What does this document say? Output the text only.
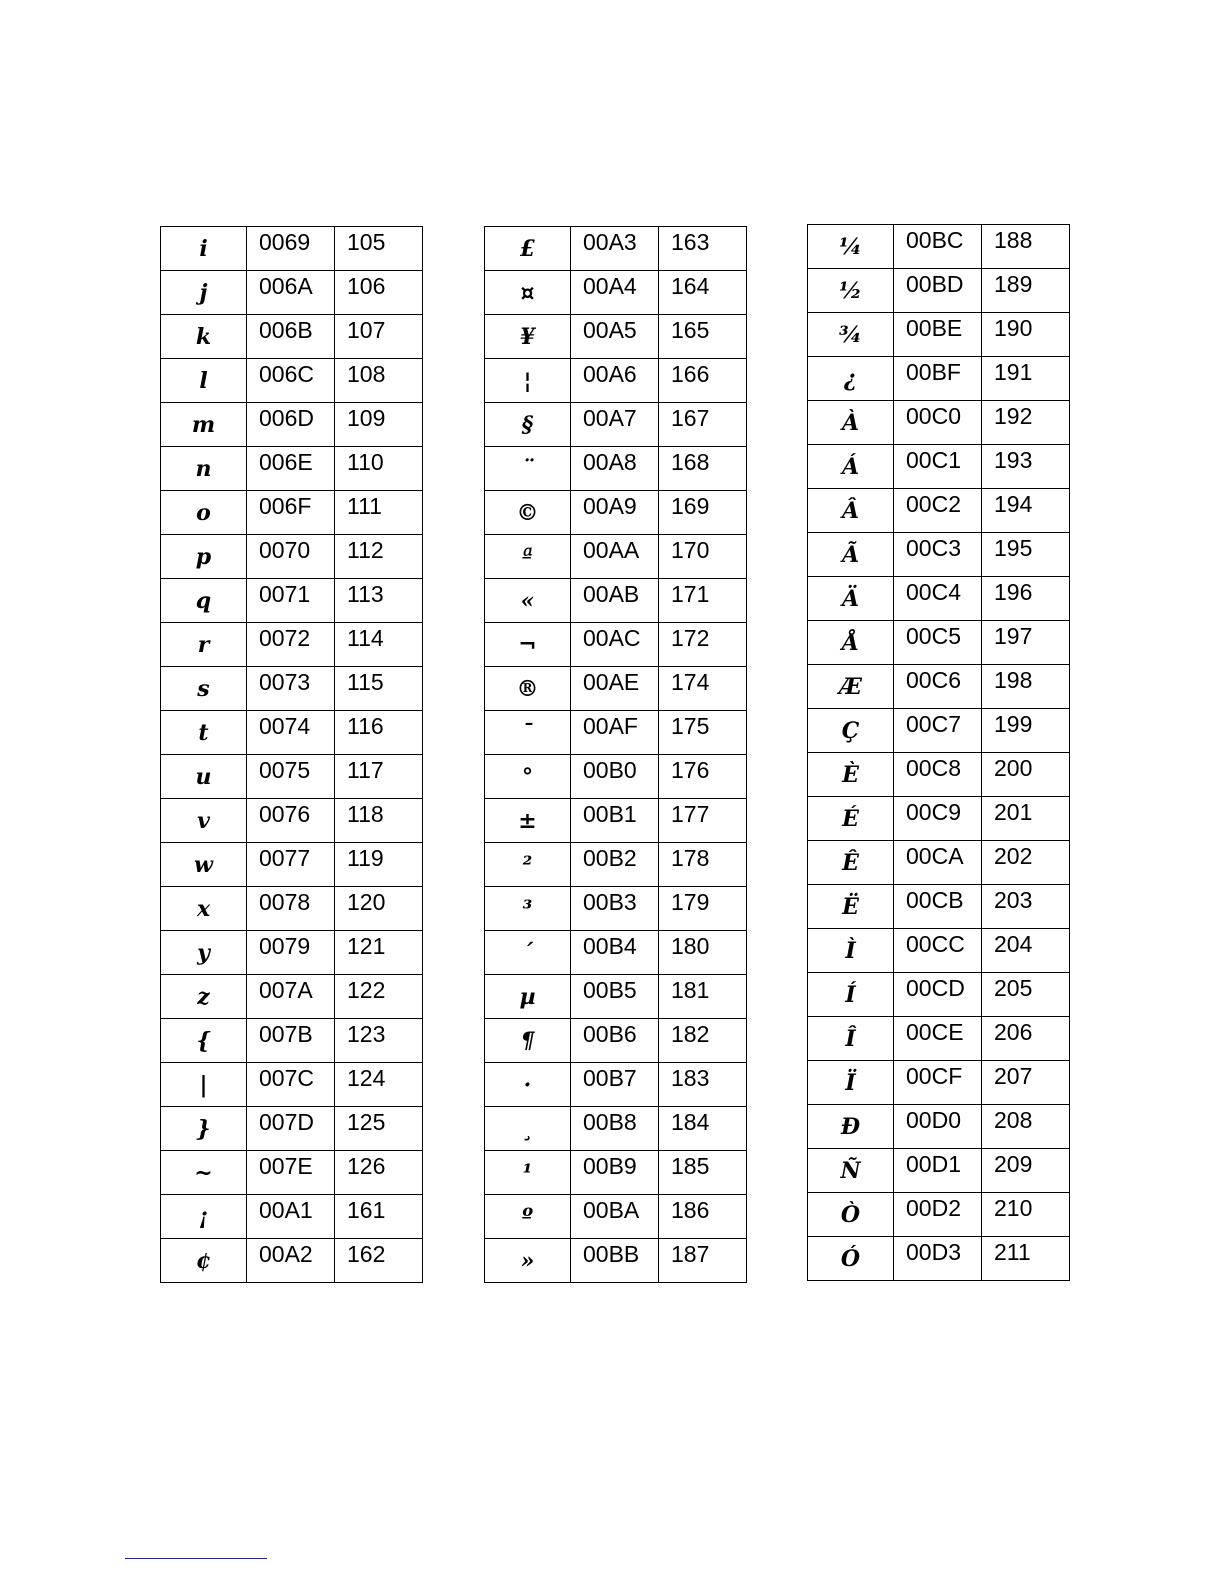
i	0069	105
j	006A	106
k	006B	107
l	006C	108
m	006D	109
n	006E	110
o	006F	111
p	0070	112
q	0071	113
r	0072	114
s	0073	115
t	0074	116
u	0075	117
v	0076	118
w	0077	119
x	0078	120
y	0079	121
z	007A	122
{	007B	123
|	007C	124
}	007D	125
~	007E	126
¡	00A1	161
¢	00A2	162
£	00A3	163
¤	00A4	164
¥	00A5	165
¦	00A6	166
§	00A7	167
¨	00A8	168
©	00A9	169
ª	00AA	170
«	00AB	171
¬	00AC	172
®	00AE	174
¯	00AF	175
°	00B0	176
±	00B1	177
²	00B2	178
³	00B3	179
´	00B4	180
µ	00B5	181
¶	00B6	182
·	00B7	183
¸	00B8	184
¹	00B9	185
º	00BA	186
»	00BB	187
¼	00BC	188
½	00BD	189
¾	00BE	190
¿	00BF	191
À	00C0	192
Á	00C1	193
Â	00C2	194
Ã	00C3	195
Ä	00C4	196
Å	00C5	197
Æ	00C6	198
Ç	00C7	199
È	00C8	200
É	00C9	201
Ê	00CA	202
Ë	00CB	203
Ì	00CC	204
Í	00CD	205
Î	00CE	206
Ï	00CF	207
Ð	00D0	208
Ñ	00D1	209
Ò	00D2	210
Ó	00D3	211
